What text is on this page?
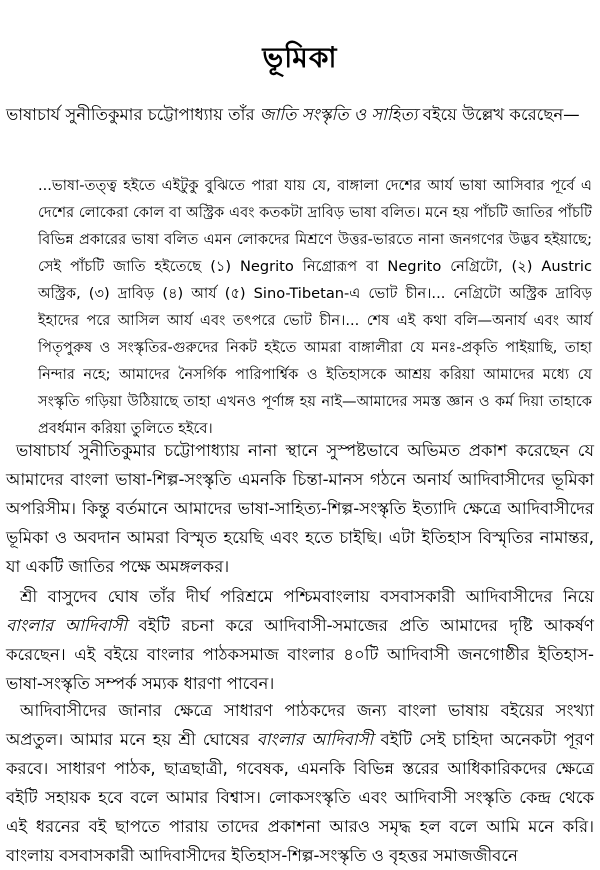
ভূমিকা

ভাষাচার্য সুনীতিকুমার চট্টোপাধ্যায় তাঁর জাতি সংস্কৃতি ও সাহিত্য বইয়ে উল্লেখ করেছেন—

...ভাষা-তত্ত্ব হইতে এইটুকু বুঝিতে পারা যায় যে, বাঙ্গালা দেশের আর্য ভাষা আসিবার পূর্বে এ দেশের লোকেরা কোল বা অস্ট্রিক এবং কতকটা দ্রাবিড় ভাষা বলিত। মনে হয় পাঁচটি জাতির পাঁচটি বিভিন্ন প্রকারের ভাষা বলিত এমন লোকদের মিশ্রণে উত্তর-ভারতে নানা জনগণের উদ্ভব হইয়াছে; সেই পাঁচটি জাতি হইতেছে (১) Negrito নিগ্রোরূপ বা Negrito নেগ্রিটো, (২) Austric অস্ট্রিক, (৩) দ্রাবিড় (৪) আর্য (৫) Sino-Tibetan-এ ভোট চীন।... নেগ্রিটো অস্ট্রিক দ্রাবিড় ইহাদের পরে আসিল আর্য এবং তৎপরে ভোট চীন।... শেষ এই কথা বলি—অনার্য এবং আর্য পিতৃপুরুষ ও সংস্কৃতির-গুরুদের নিকট হইতে আমরা বাঙ্গালীরা যে মনঃ-প্রকৃতি পাইয়াছি, তাহা নিন্দার নহে; আমাদের নৈসর্গিক পারিপার্শ্বিক ও ইতিহাসকে আশ্রয় করিয়া আমাদের মধ্যে যে সংস্কৃতি গড়িয়া উঠিয়াছে তাহা এখনও পূর্ণাঙ্গ হয় নাই—আমাদের সমস্ত জ্ঞান ও কর্ম দিয়া তাহাকে প্রবর্ধমান করিয়া তুলিতে হইবে।

ভাষাচার্য সুনীতিকুমার চট্টোপাধ্যায় নানা স্থানে সুস্পষ্টভাবে অভিমত প্রকাশ করেছেন যে আমাদের বাংলা ভাষা-শিল্প-সংস্কৃতি এমনকি চিন্তা-মানস গঠনে অনার্য আদিবাসীদের ভূমিকা অপরিসীম। কিন্তু বর্তমানে আমাদের ভাষা-সাহিত্য-শিল্প-সংস্কৃতি ইত্যাদি ক্ষেত্রে আদিবাসীদের ভূমিকা ও অবদান আমরা বিস্মৃত হয়েছি এবং হতে চাইছি। এটা ইতিহাস বিস্মৃতির নামান্তর, যা একটি জাতির পক্ষে অমঙ্গলকর।

শ্রী বাসুদেব ঘোষ তাঁর দীর্ঘ পরিশ্রমে পশ্চিমবাংলায় বসবাসকারী আদিবাসীদের নিয়ে বাংলার আদিবাসী বইটি রচনা করে আদিবাসী-সমাজের প্রতি আমাদের দৃষ্টি আকর্ষণ করেছেন। এই বইয়ে বাংলার পাঠকসমাজ বাংলার ৪০টি আদিবাসী জনগোষ্ঠীর ইতিহাস-ভাষা-সংস্কৃতি সম্পর্ক সম্যক ধারণা পাবেন।

আদিবাসীদের জানার ক্ষেত্রে সাধারণ পাঠকদের জন্য বাংলা ভাষায় বইয়ের সংখ্যা অপ্রতুল। আমার মনে হয় শ্রী ঘোষের বাংলার আদিবাসী বইটি সেই চাহিদা অনেকটা পূরণ করবে। সাধারণ পাঠক, ছাত্রছাত্রী, গবেষক, এমনকি বিভিন্ন স্তরের আধিকারিকদের ক্ষেত্রে বইটি সহায়ক হবে বলে আমার বিশ্বাস। লোকসংস্কৃতি এবং আদিবাসী সংস্কৃতি কেন্দ্র থেকে এই ধরনের বই ছাপতে পারায় তাদের প্রকাশনা আরও সমৃদ্ধ হল বলে আমি মনে করি। বাংলায় বসবাসকারী আদিবাসীদের ইতিহাস-শিল্প-সংস্কৃতি ও বৃহত্তর সমাজজীবনে
